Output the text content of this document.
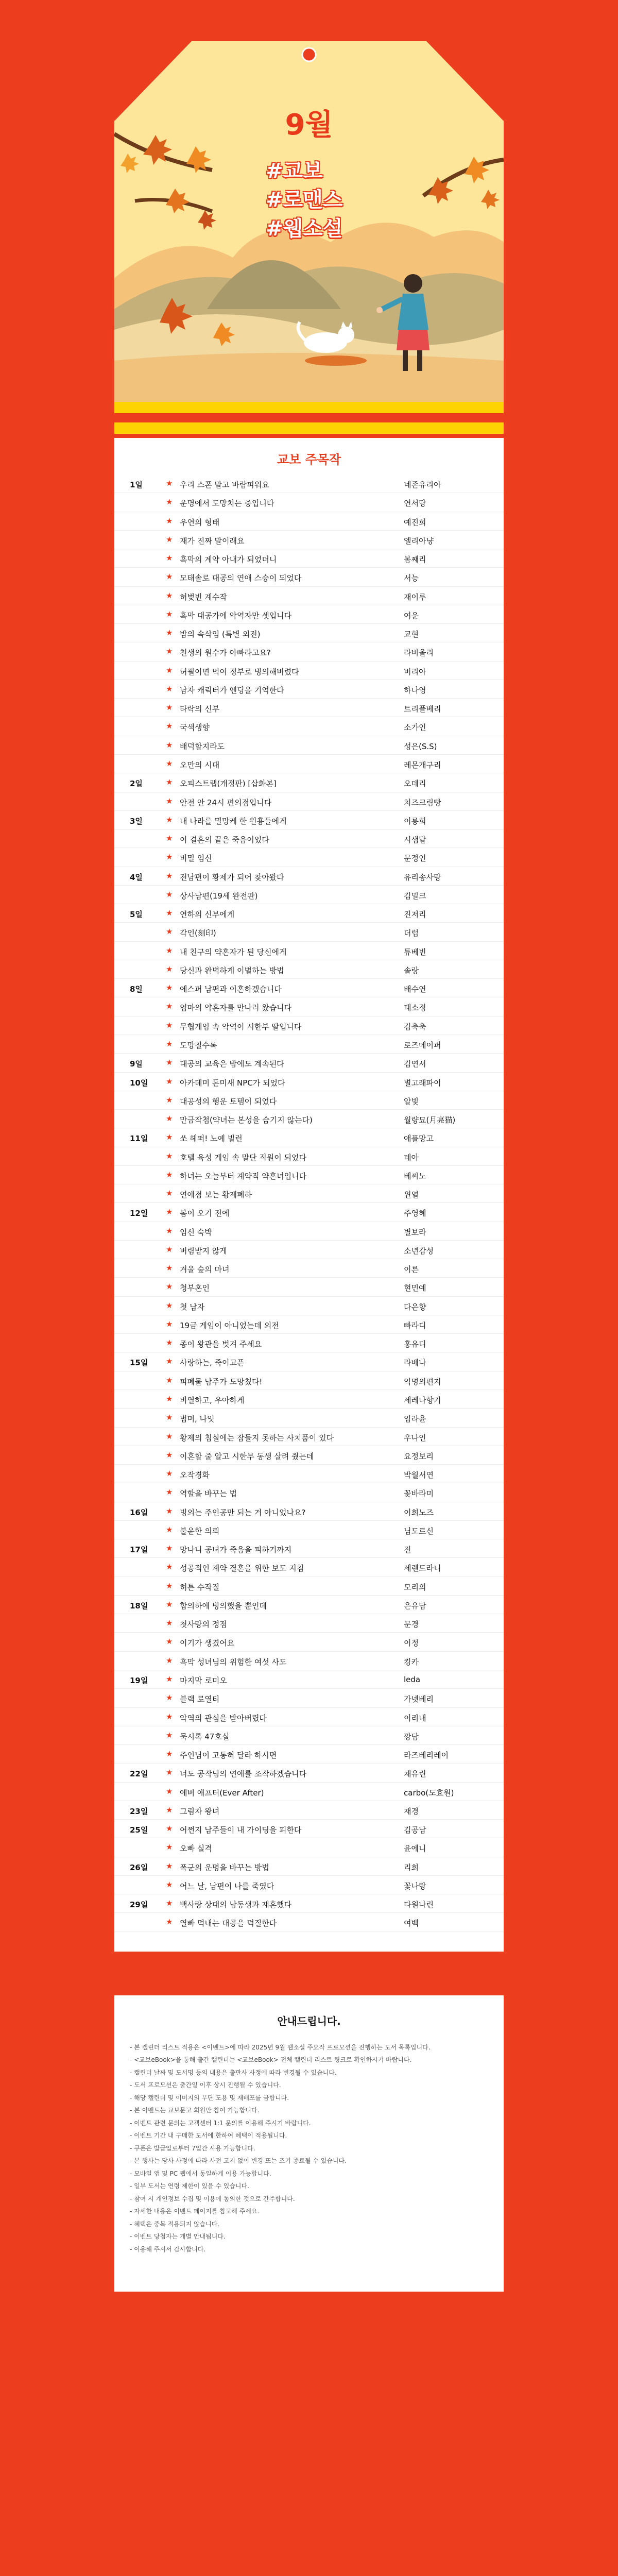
9월
#교보
#로맨스
#웹소설
교보 주목작
1일	★ 우리 스폰 말고 바람피워요	네존유리아
★ 운명에서 도망치는 중입니다	연서당
★ 우연의 형태	예진희
★ 재가 진짜 말이래요	엘리아냥
★ 흑막의 계약 아내가 되었더니	봄째리
★ 모태솔로 대공의 연애 스승이 되었다	서능
★ 허벚빈 계수작	재이루
★ 흑막 대공가에 악역자만 셋입니다	여운
★ 밤의 속삭임 (특별 외전)	교현
★ 천생의 원수가 아빠라고요?	라비올리
★ 허필이면 먹여 정부로 빙의해버렸다	버리아
★ 남자 캐릭터가 엔딩을 기억한다	하나영
★ 타락의 신부	트리플베리
★ 국색생향	소가인
★ 배덕할지라도	성은(S.S)
★ 오만의 시대	레몬개구리
2일	★ 오피스트랩(개정판) [삽화본]	오데리
★ 안전 안 24시 편의점입니다	치즈크림빵
3일	★ 내 나라를 멸망케 한 원흉들에게	이릉희
★ 이 결혼의 끝은 죽음이었다	시샘달
★ 비밀 임신	문정인
4일	★ 전남편이 황제가 되어 찾아왔다	유리송사탕
★ 상사남편(19세 완전판)	김밀크
5일	★ 연하의 신부에게	진저리
★ 각인(刻印)	더럽
★ 내 친구의 약혼자가 된 당신에게	튜베빈
★ 당신과 완벽하게 이별하는 방법	솔랑
8일	★ 에스퍼 남편과 이혼하겠습니다	배수연
★ 엄마의 약혼자를 만나러 왔습니다	태소정
★ 무협게임 속 악역이 시한부 딸입니다	김축축
★ 도망칠수록	로즈메이퍼
9일	★ 대공의 교육은 밤에도 계속된다	김연서
10일 ★ 아카데미 돈미새 NPC가 되었다	별고래파이
★ 대공성의 행운 토템이 되었다	알빛
★ 만금작첩(약녀는 본성을 숨기지 않는다)	월량묘(月亮猫)
11일 ★ 쏘 헤퍼! 노예 빌런	애플망고
★ 호텔 육성 게임 속 말단 직원이 되었다	테아
★ 하녀는 오늘부터 계약직 약혼녀입니다	베씨노
★ 연애점 보는 황제폐하	윈열
12일 ★ 봄이 오기 전에	주영혜
★ 임신 숙박	별보라
★ 버림받지 않게	소년감성
★ 겨울 숲의 마녀	이른
★ 청부혼인	현민예
★ 첫 남자	다은향
★ 19금 게임이 아니었는데 외전	빠라디
★ 종이 왕관을 벗겨 주세요	홍유디
15일 ★ 사랑하는, 죽이고픈	라베나
★ 피폐물 남주가 도망쳤다!	익명의편지
★ 비열하고, 우아하게	세레나향기
★ 범머, 나잇	임라윤
★ 황제의 침실에는 잠들지 못하는 사치품이 있다	우나인
★ 이혼할 줄 알고 시한부 동생 살려 줬는데	요정보리
★ 오작경화	박월서연
★ 역할을 바꾸는 법	꽃바라미
16일 ★ 빙의는 주인공만 되는 거 아니었나요?	이희노즈
★ 불운한 의뢰	님도르신
17일 ★ 망나니 공녀가 죽음을 피하기까지	진
★ 성공적인 계약 결혼을 위한 보도 지침	세렌드라니
★ 허튼 수작질	모리의
18일 ★ 합의하에 빙의했을 뿐인데	은유담
★ 첫사랑의 정점	문경
★ 이기가 생겼어요	이정
★ 흑막 성녀님의 위험한 여섯 사도	킹카
19일 ★ 마지막 로미오	leda
★ 블랙 로열티	가넷베리
★ 악역의 관심을 받아버렸다	이리내
★ 묵시록 47호실	깡담
★ 주인님이 고통혀 달라 하시면	라즈베리레이
22일 ★ 너도 공작님의 연애를 조작하겠습니다	채유린
★ 에버 애프터(Ever After)	carbo(도효원)
23일 ★ 그림자 왕녀	재경
25일 ★ 어쩐지 남주들이 내 가이딩을 피한다	김공남
★ 오빠 실격	윤에니
26일 ★ 폭군의 운명을 바꾸는 방법	리희
★ 어느 날, 남편이 나를 죽였다	꽃나랑
29일 ★ 백사랑 상대의 남동생과 재혼했다	다원나린
★ 열빠 먹내는 대공을 덕질한다	여백
안내드립니다.
- 본 캘린더 리스트 적용은 <이벤트>에 따라 2025년 9월 웹소설 주요작 프로모션을 진행하는 도서 목록입니다.
- <교보eBook>을 통해 출간 캘린더는 <교보eBook> 전체 캘린더 리스트 링크로 확인하시기 바랍니다.
- 캘린더 날짜 및 도서명 등의 내용은 출판사 사정에 따라 변경될 수 있습니다.
- 도서 프로모션은 출간일 이후 상시 진행될 수 있습니다.
- 해당 캘린더 및 이미지의 무단 도용 및 재배포를 금합니다.
- 본 이벤트는 교보문고 회원만 참여 가능합니다.
- 이벤트 관련 문의는 고객센터 1:1 문의를 이용해 주시기 바랍니다.
- 이벤트 기간 내 구매한 도서에 한하여 혜택이 적용됩니다.
- 쿠폰은 발급일로부터 7일간 사용 가능합니다.
- 본 행사는 당사 사정에 따라 사전 고지 없이 변경 또는 조기 종료될 수 있습니다.
- 모바일 앱 및 PC 웹에서 동일하게 이용 가능합니다.
- 일부 도서는 연령 제한이 있을 수 있습니다.
- 참여 시 개인정보 수집 및 이용에 동의한 것으로 간주합니다.
- 자세한 내용은 이벤트 페이지를 참고해 주세요.
- 혜택은 중복 적용되지 않습니다.
- 이벤트 당첨자는 개별 안내됩니다.
- 이용해 주셔서 감사합니다.
